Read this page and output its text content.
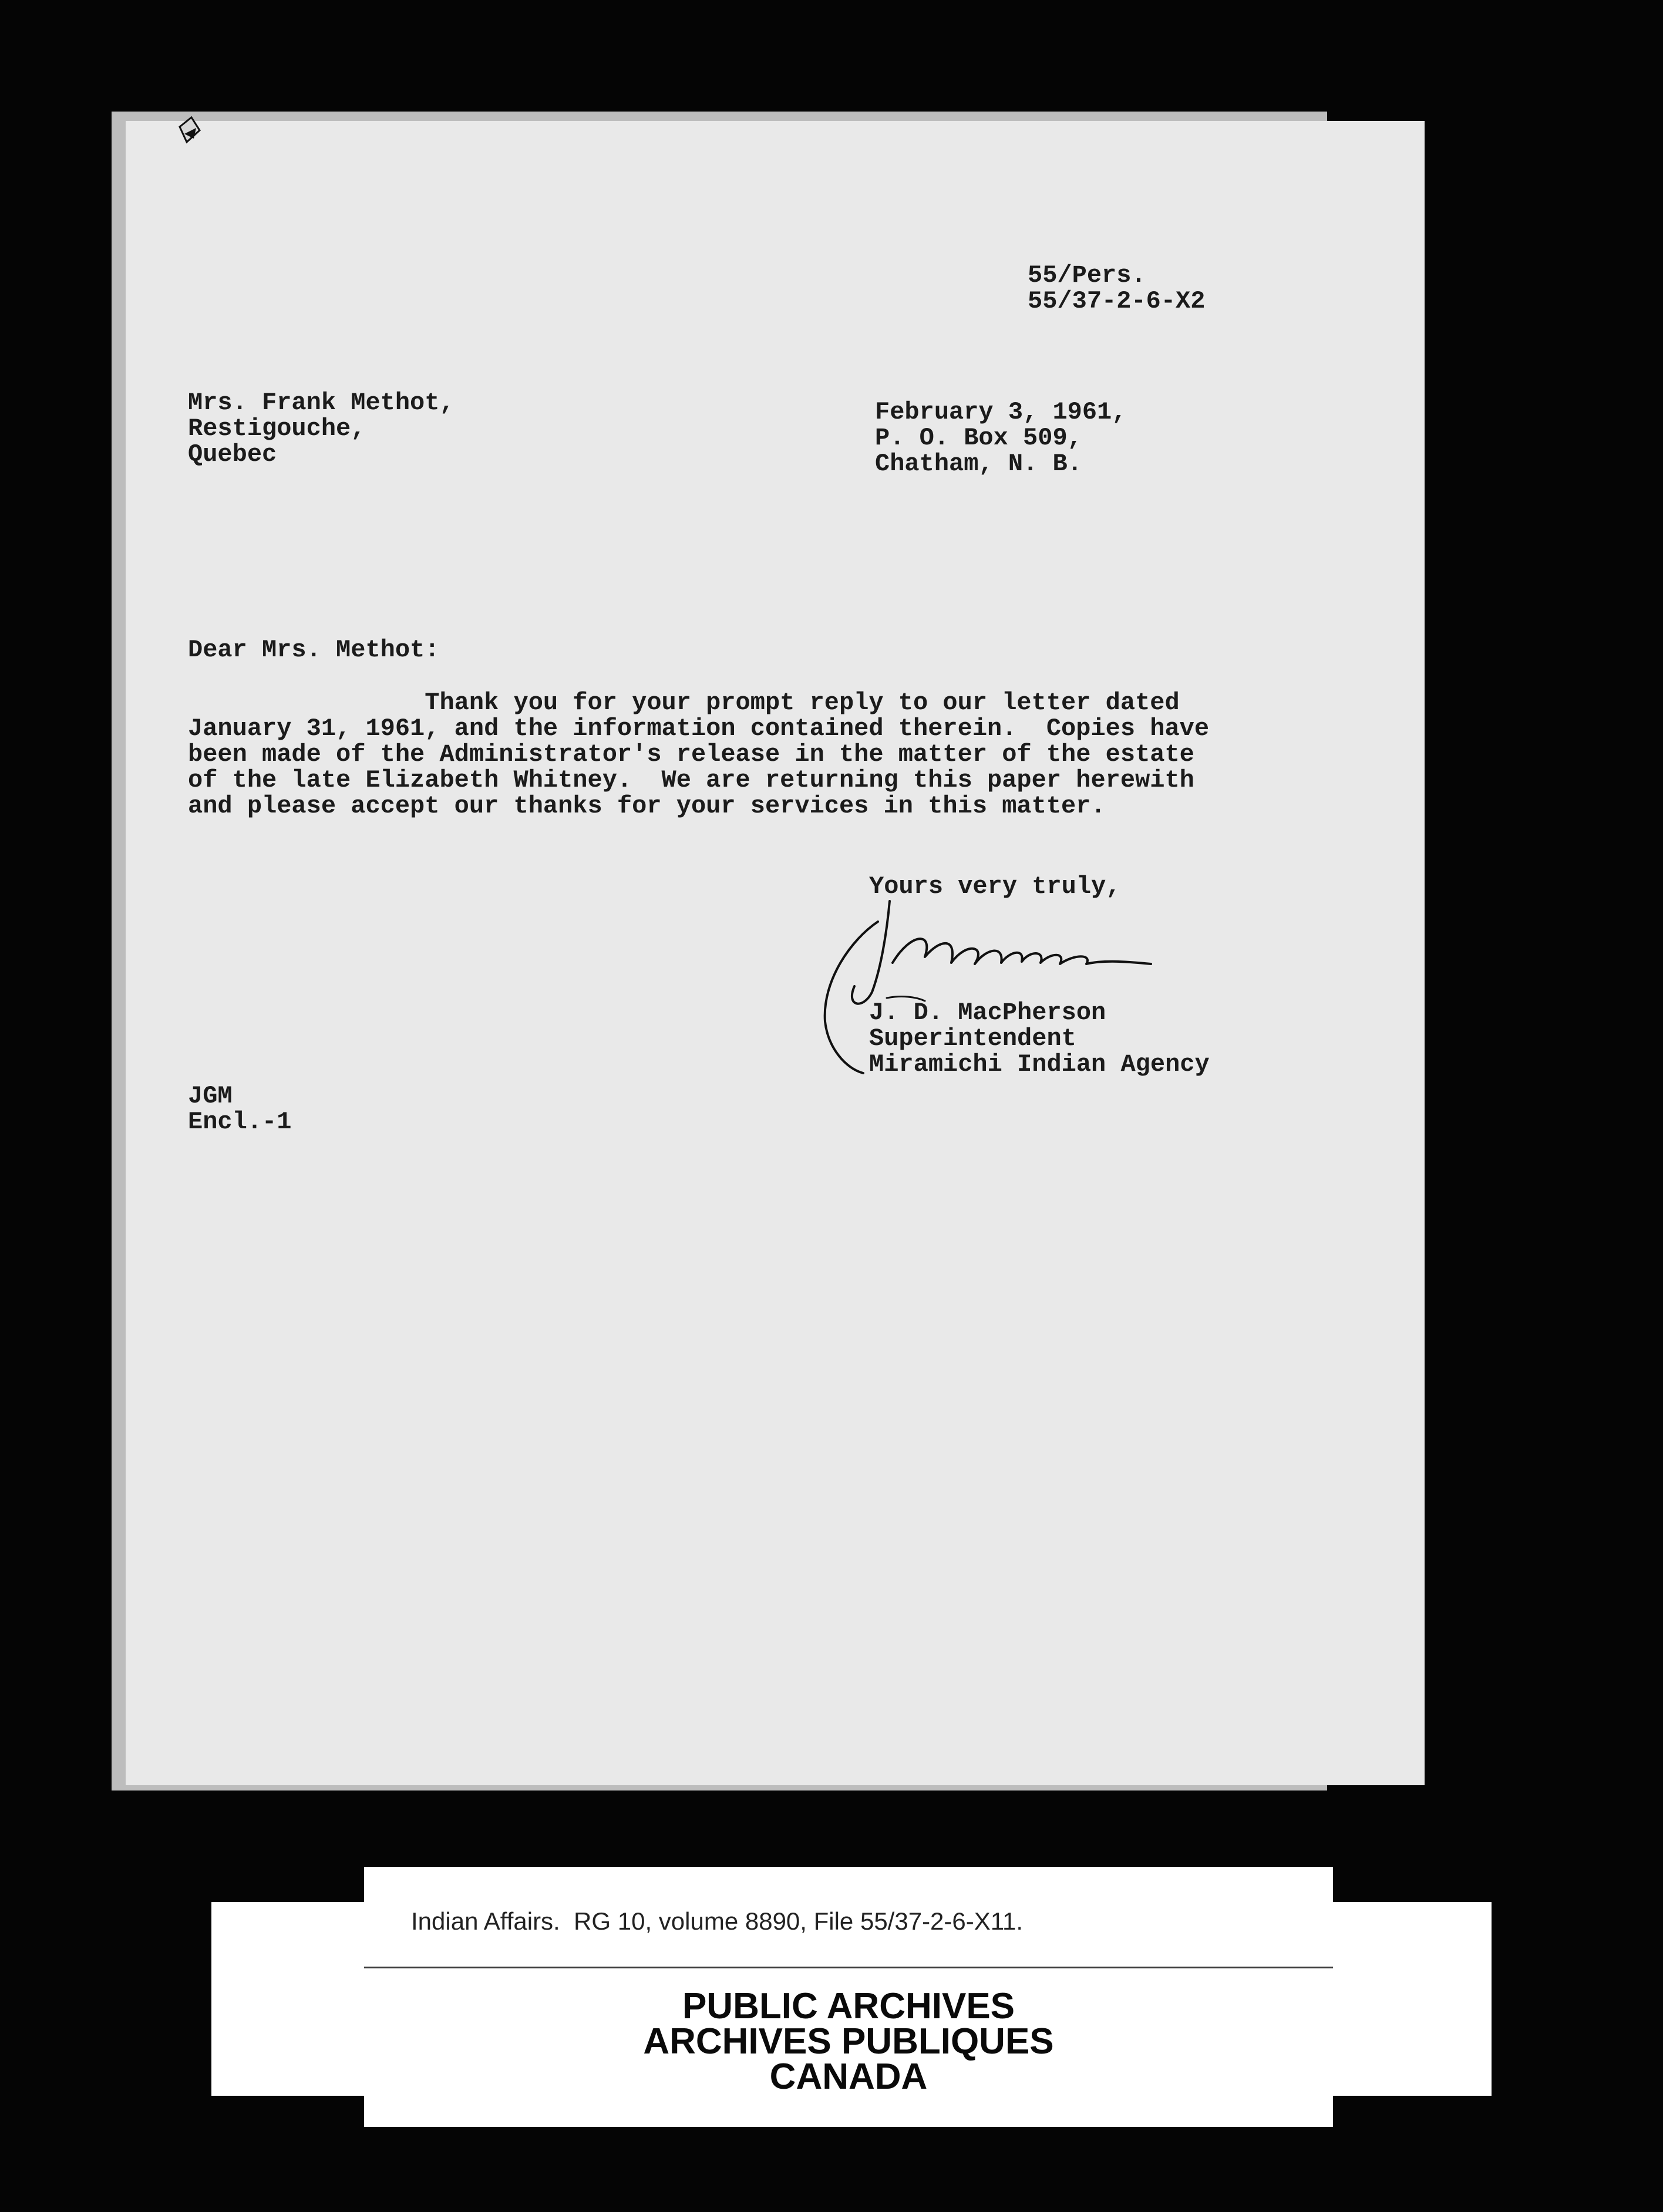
55/Pers.
55/37-2-6-X2
Mrs. Frank Methot,
Restigouche,
Quebec
February 3, 1961,
P. O. Box 509,
Chatham, N. B.
Dear Mrs. Methot:
Thank you for your prompt reply to our letter dated
January 31, 1961, and the information contained therein.  Copies have
been made of the Administrator's release in the matter of the estate
of the late Elizabeth Whitney.  We are returning this paper herewith
and please accept our thanks for your services in this matter.
Yours very truly,
J. D. MacPherson
Superintendent
Miramichi Indian Agency
JGM
Encl.-1

Indian Affairs.  RG 10, volume 8890, File 55/37-2-6-X11.

PUBLIC ARCHIVES
ARCHIVES PUBLIQUES
CANADA
